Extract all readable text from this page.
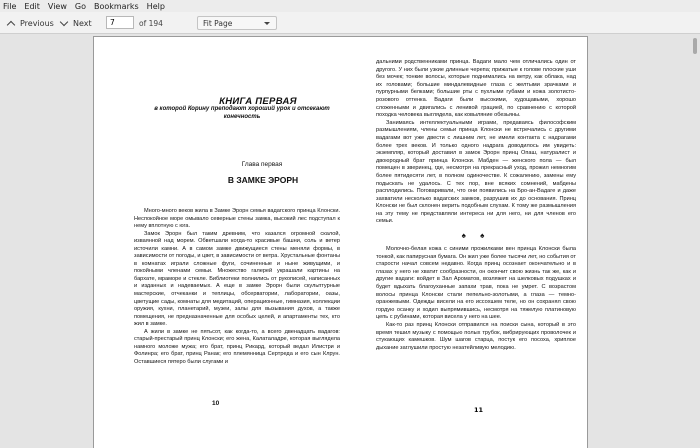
File Edit View Go Bookmarks Help
Previous Next
7	of 194	Fit Page
КНИГА ПЕРВАЯ
в которой Корину преподают хороший урок и отсекают
конечность
Глава первая
В ЗАМКЕ ЭРОРН

Много-много веков жила в Замке Эрорн семья вадагского принца Клонски. Неспокойное море омывало северные стены замка, высокий лес подступал к нему вплотную с юга.

Замок Эрорн был таким древним, что казался огромной скалой, изваянной над морем. Обветшали когда-то красивые башни, соль и ветер источили камни. А в самом замке движущиеся стены меняли формы, в зависимости от погоды, и цвет, в зависимости от ветра. Хрустальные фонтаны в комнатах играли сложные фуги, сочиненные и ныне живущими, и покойными членами семьи. Множество галерей украшали картины на бархате, мраморе и стекле. Библиотеки полнились от рукописей, написанных и изданных и надеваемых. А еще в замке Эрорн были скульптурные мастерские, отчеканки и теплицы, обсерватории, лаборатории, оазы, цветущие сады, комнаты для медитаций, операционные, гимназия, коллекции оружия, кухни, планетарий, музеи, залы для вызывания духов, а также помещения, не предназначенные для особых целей, и апартаменты тех, кто жил в замке.

А жили в замке не пятьсот, как когда-то, а всего двенадцать вадагов: старый-престарый принц Клонски; его жена, Калаталадре, которая выглядела намного моложе мужа; его брат, принц Рикард, который ведал Илистри и Фолинра; его брат, принц Ранак; его племянница Сертреда и его сын Клрун. Оставшиеся пятеро были слугами и

10

дальними родственниками принца. Вадаги мало чем отличались один от другого. У них были узкие длинные черепа; прижатые к голове плоские уши без мочек; тонкие волосы, которые поднимались на ветру, как облака, над их головами; большие миндалевидные глаза с желтыми зрачками и пурпурными белками; большие рты с пухлыми губами и кожа золотисто-розового оттенка. Вадаги были высокими, худощавыми, хорошо сложенными и двигались с ленивой грацией, по сравнению с которой походка человека выглядела, как ковыляние обезьяны.

Занимаясь интеллектуальными играми, предаваясь философским размышлениям, члены семьи принца Клонски не встречались с другими вадагами вот уже двести с лишним лет, не имели контакта с надрагами более трех веков. И только одного надрага доводилось им увидеть: экземпляр, который доставил в замок Эрорн принц Опаш, натуралист и двоюродный брат принца Клонски. Мабден — женского пола — был помещен в зверинец, где, несмотря на прекрасный уход, прожил немногим более пятидесяти лет, в полном одиночестве. К сожалению, замены ему подыскать не удалось. С тех пор, вне всяких сомнений, мабдены расплодились. Поговаривали, что они появились на Бро-ан-Вадаге и даже захватили несколько вадагских замков, разрушив их до основания. Принц Клонски не был склонен верить подобным слухам. К тому же размышления на эту тему не представляли интереса ни для него, ни для членов его семьи.

♠ ♠

Молочно-белая кожа с синими прожилками вен принца Клонски была тонкой, как папирусная бумага. Он жил уже более тысячи лет, но события от старости начал совсем недавно. Когда принц осознает окончательно и в глазах у него не хватит сообразности, он окончит свою жизнь так же, как и другие вадаги: войдет в Зал Ароматов, возляжет на шелковых подушках и будет вдыхать благоуханные запахи трав, пока не умрет. С возрастом волосы принца Клонски стали пепельно-золотыми, а глаза — темно-оранжевыми. Одежды висели на его иссохшем теле, но он сохранял свою гордую осанку и ходил выпрямившись, несмотря на тяжелую платиновую цепь с рубинами, которая висела у него на шее.

Как-то раз принц Клонски отправился на поиски сына, который в это время тешил музыку с помощью полых трубок, вибрирующих проволочек и стукающих камешков. Шум шагов старца, постук его посоха, хриплое дыхание заглушили простую незатейливую мелодию.

11
